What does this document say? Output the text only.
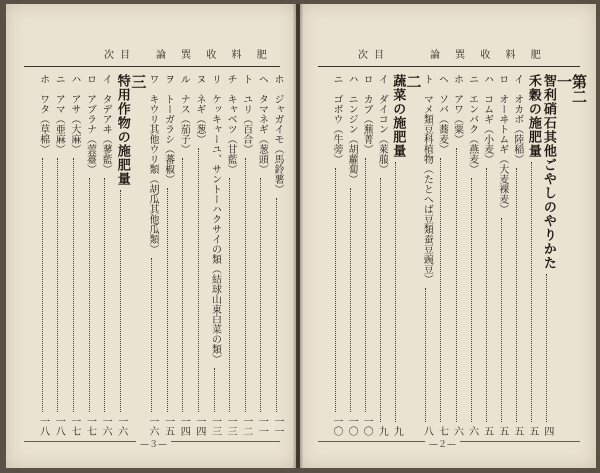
次目 論 巽 收 料 肥
ホ　ジャガイモ（馬鈴薯）
一一
ヘ　タマネギ（葱頭）
一一
ト　ユリ（百合）
一二
チ　キャベツ（甘藍）
一三
リ　ケッキャーユ、サントーハクサイの類（結球山東白菜の類）
一三
ヌ　ネギ（葱）
一四
ル　ナス（茄子）
一四
ヲ　トーガラシ（蕃椒）
一五
ワ　キウリ其他ウリ類（胡瓜其他瓜類）
一六
三
特用作物の施肥量
一六
イ　タデアヰ（蓼藍）
一六
ロ　アブラナ（蕓薹）
一七
ハ　アサ（大麻）
一七
ニ　アマ（亜麻）
一八
ホ　ワタ（草棉）
一八
—３—
次目	論 巽 收 料 肥
第二
一
智利硝石其他ごやしのやりかた
四
禾穀の施肥量
五
イ　オカボ（陸稲）
五
ロ　オーヰトムギ（大麦裸麦）
五
ハ　コムギ（小麦）
五
ニ　エンバク（燕麦）
六
ホ　アワ（粟）
六
ヘ　ソバ（蕎麦）
七
ト　マメ類豆科植物（たとへば豆類蚕豆豌豆）
八
二
蔬菜の施肥量
九
イ　ダイコン（萊菔）
九
ロ　カブ（蕪菁）
一〇
ハ　ニンジン（胡蘿蔔）
一〇
ニ　ゴボウ（牛蒡）
一〇
—２—
